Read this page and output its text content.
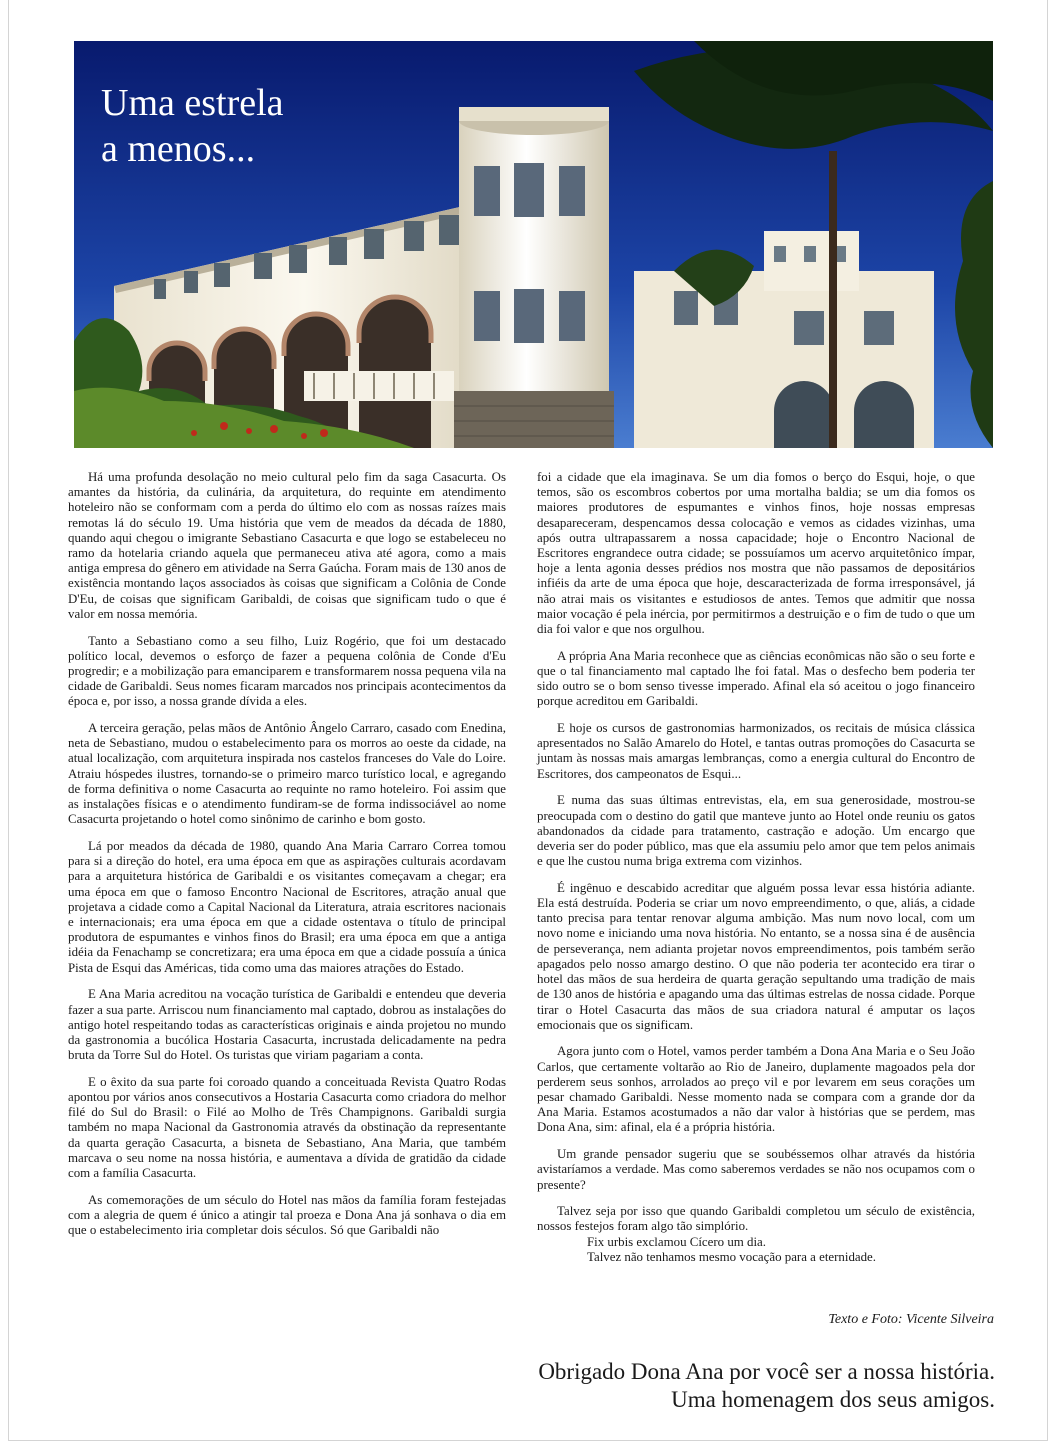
Uma estrela
a menos...

Há uma profunda desolação no meio cultural pelo fim da saga Casacurta. Os amantes da história, da culinária, da arquitetura, do requinte em atendimento hoteleiro não se conformam com a perda do último elo com as nossas raízes mais remotas lá do século 19. Uma história que vem de meados da década de 1880, quando aqui chegou o imigrante Sebastiano Casacurta e que logo se estabeleceu no ramo da hotelaria criando aquela que permaneceu ativa até agora, como a mais antiga empresa do gênero em atividade na Serra Gaúcha. Foram mais de 130 anos de existência montando laços associados às coisas que significam a Colônia de Conde D'Eu, de coisas que significam Garibaldi, de coisas que significam tudo o que é valor em nossa memória.

Tanto a Sebastiano como a seu filho, Luiz Rogério, que foi um destacado político local, devemos o esforço de fazer a pequena colônia de Conde d'Eu progredir; e a mobilização para emanciparem e transformarem nossa pequena vila na cidade de Garibaldi. Seus nomes ficaram marcados nos principais acontecimentos da época e, por isso, a nossa grande dívida a eles.

A terceira geração, pelas mãos de Antônio Ângelo Carraro, casado com Enedina, neta de Sebastiano, mudou o estabelecimento para os morros ao oeste da cidade, na atual localização, com arquitetura inspirada nos castelos franceses do Vale do Loire. Atraiu hóspedes ilustres, tornando-se o primeiro marco turístico local, e agregando de forma definitiva o nome Casacurta ao requinte no ramo hoteleiro. Foi assim que as instalações físicas e o atendimento fundiram-se de forma indissociável ao nome Casacurta projetando o hotel como sinônimo de carinho e bom gosto.

Lá por meados da década de 1980, quando Ana Maria Carraro Correa tomou para si a direção do hotel, era uma época em que as aspirações culturais acordavam para a arquitetura histórica de Garibaldi e os visitantes começavam a chegar; era uma época em que o famoso Encontro Nacional de Escritores, atração anual que projetava a cidade como a Capital Nacional da Literatura, atraia escritores nacionais e internacionais; era uma época em que a cidade ostentava o título de principal produtora de espumantes e vinhos finos do Brasil; era uma época em que a antiga idéia da Fenachamp se concretizara; era uma época em que a cidade possuía a única Pista de Esqui das Américas, tida como uma das maiores atrações do Estado.

E Ana Maria acreditou na vocação turística de Garibaldi e entendeu que deveria fazer a sua parte. Arriscou num financiamento mal captado, dobrou as instalações do antigo hotel respeitando todas as características originais e ainda projetou no mundo da gastronomia a bucólica Hostaria Casacurta, incrustada delicadamente na pedra bruta da Torre Sul do Hotel. Os turistas que viriam pagariam a conta.

E o êxito da sua parte foi coroado quando a conceituada Revista Quatro Rodas apontou por vários anos consecutivos a Hostaria Casacurta como criadora do melhor filé do Sul do Brasil: o Filé ao Molho de Três Champignons. Garibaldi surgia também no mapa Nacional da Gastronomia através da obstinação da representante da quarta geração Casacurta, a bisneta de Sebastiano, Ana Maria, que também marcava o seu nome na nossa história, e aumentava a dívida de gratidão da cidade com a família Casacurta.

As comemorações de um século do Hotel nas mãos da família foram festejadas com a alegria de quem é único a atingir tal proeza e Dona Ana já sonhava o dia em que o estabelecimento iria completar dois séculos. Só que Garibaldi não

foi a cidade que ela imaginava. Se um dia fomos o berço do Esqui, hoje, o que temos, são os escombros cobertos por uma mortalha baldia; se um dia fomos os maiores produtores de espumantes e vinhos finos, hoje nossas empresas desapareceram, despencamos dessa colocação e vemos as cidades vizinhas, uma após outra ultrapassarem a nossa capacidade; hoje o Encontro Nacional de Escritores engrandece outra cidade; se possuíamos um acervo arquitetônico ímpar, hoje a lenta agonia desses prédios nos mostra que não passamos de depositários infiéis da arte de uma época que hoje, descaracterizada de forma irresponsável, já não atrai mais os visitantes e estudiosos de antes. Temos que admitir que nossa maior vocação é pela inércia, por permitirmos a destruição e o fim de tudo o que um dia foi valor e que nos orgulhou.

A própria Ana Maria reconhece que as ciências econômicas não são o seu forte e que o tal financiamento mal captado lhe foi fatal. Mas o desfecho bem poderia ter sido outro se o bom senso tivesse imperado. Afinal ela só aceitou o jogo financeiro porque acreditou em Garibaldi.

E hoje os cursos de gastronomias harmonizados, os recitais de música clássica apresentados no Salão Amarelo do Hotel, e tantas outras promoções do Casacurta se juntam às nossas mais amargas lembranças, como a energia cultural do Encontro de Escritores, dos campeonatos de Esqui...

E numa das suas últimas entrevistas, ela, em sua generosidade, mostrou-se preocupada com o destino do gatil que manteve junto ao Hotel onde reuniu os gatos abandonados da cidade para tratamento, castração e adoção. Um encargo que deveria ser do poder público, mas que ela assumiu pelo amor que tem pelos animais e que lhe custou numa briga extrema com vizinhos.

É ingênuo e descabido acreditar que alguém possa levar essa história adiante. Ela está destruída. Poderia se criar um novo empreendimento, o que, aliás, a cidade tanto precisa para tentar renovar alguma ambição. Mas num novo local, com um novo nome e iniciando uma nova história. No entanto, se a nossa sina é de ausência de perseverança, nem adianta projetar novos empreendimentos, pois também serão apagados pelo nosso amargo destino. O que não poderia ter acontecido era tirar o hotel das mãos de sua herdeira de quarta geração sepultando uma tradição de mais de 130 anos de história e apagando uma das últimas estrelas de nossa cidade. Porque tirar o Hotel Casacurta das mãos de sua criadora natural é amputar os laços emocionais que os significam.

Agora junto com o Hotel, vamos perder também a Dona Ana Maria e o Seu João Carlos, que certamente voltarão ao Rio de Janeiro, duplamente magoados pela dor perderem seus sonhos, arrolados ao preço vil e por levarem em seus corações um pesar chamado Garibaldi. Nesse momento nada se compara com a grande dor da Ana Maria. Estamos acostumados a não dar valor à histórias que se perdem, mas Dona Ana, sim: afinal, ela é a própria história.

Um grande pensador sugeriu que se soubéssemos olhar através da história avistaríamos a verdade. Mas como saberemos verdades se não nos ocupamos com o presente?

Talvez seja por isso que quando Garibaldi completou um século de existência, nossos festejos foram algo tão simplório.

Fix urbis exclamou Cícero um dia.

Talvez não tenhamos mesmo vocação para a eternidade.

Texto e Foto: Vicente Silveira
Obrigado Dona Ana por você ser a nossa história.
Uma homenagem dos seus amigos.
